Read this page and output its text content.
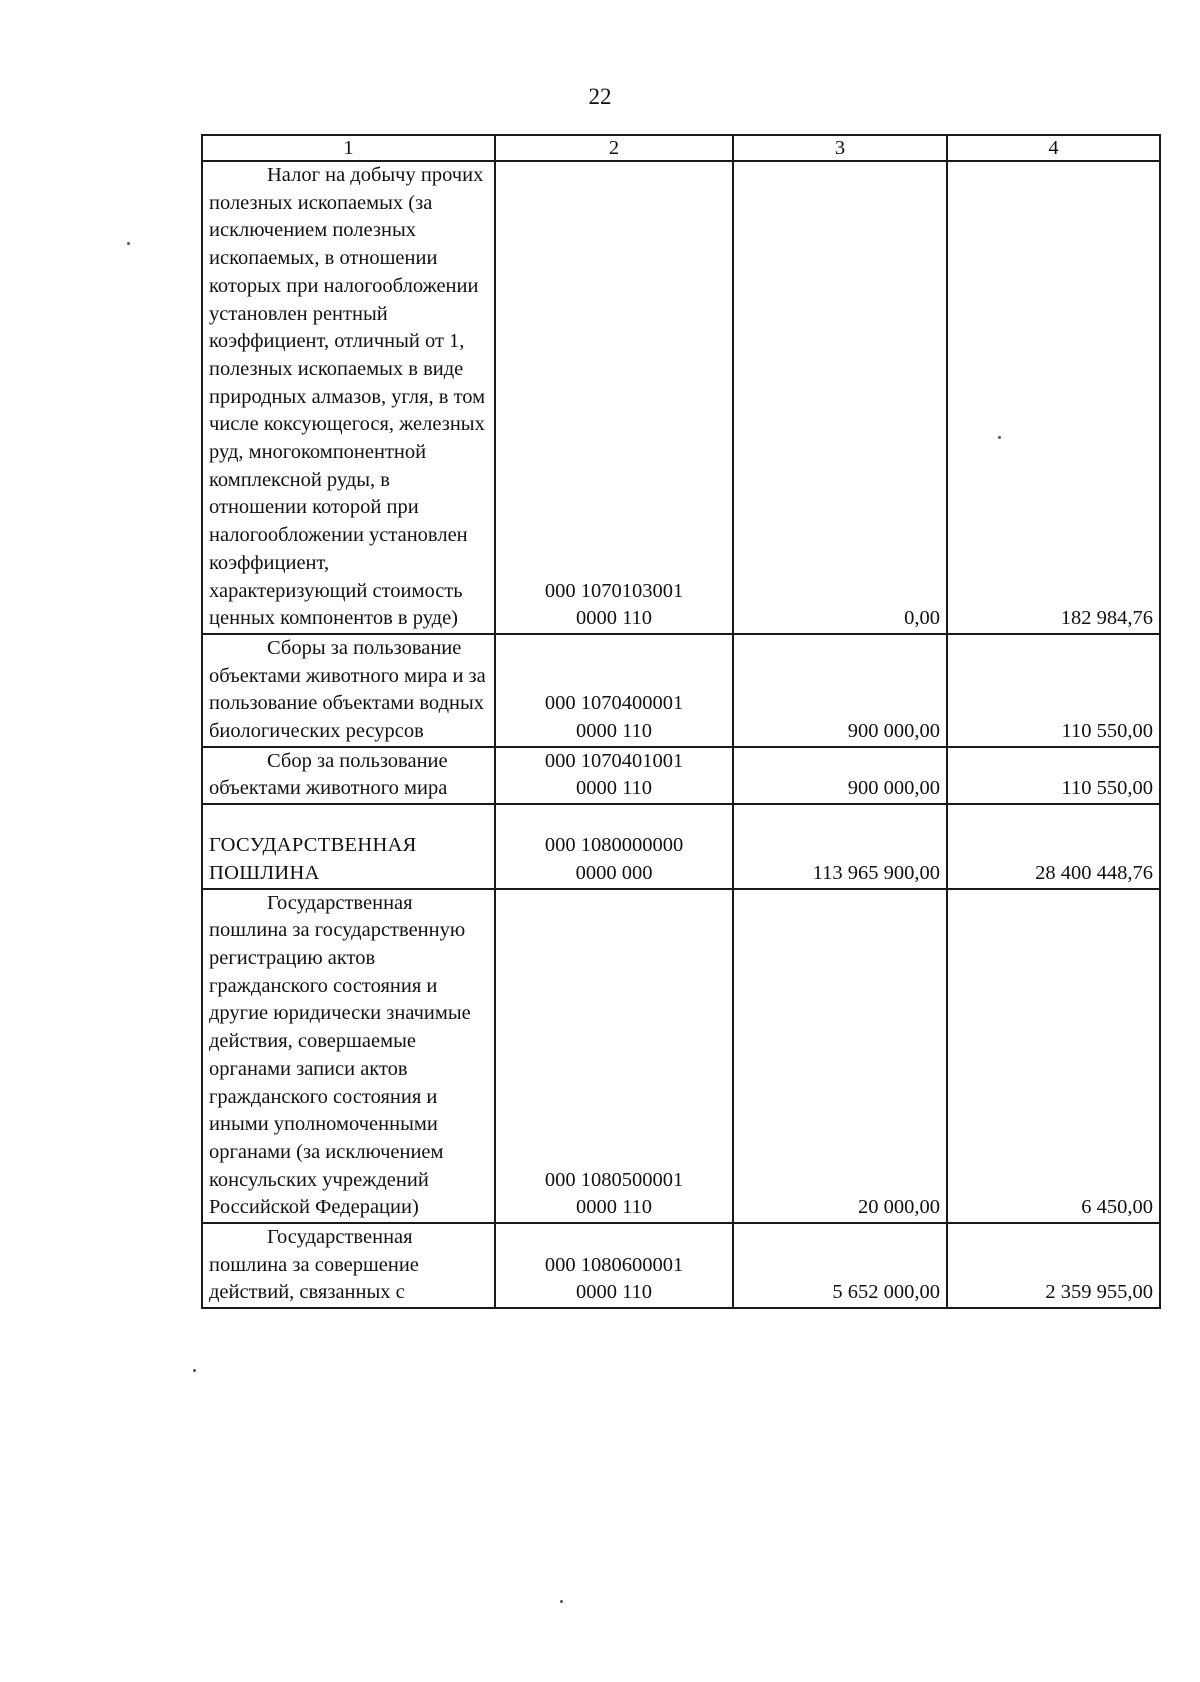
22
1	2	3	4
Налог на добычу прочих полезных ископаемых (за исключением полезных ископаемых, в отношении которых при налогообложении установлен рентный коэффициент, отличный от 1, полезных ископаемых в виде природных алмазов, угля, в том числе коксующегося, железных руд, многокомпонентной комплексной руды, в отношении которой при налогообложении установлен коэффициент, характеризующий стоимость ценных компонентов в руде)	000 1070103001
0000 110	0,00	182 984,76
Сборы за пользование объектами животного мира и за пользование объектами водных биологических ресурсов	000 1070400001
0000 110	900 000,00	110 550,00
Сбор за пользование объектами животного мира	000 1070401001
0000 110	900 000,00	110 550,00
ГОСУДАРСТВЕННАЯ ПОШЛИНА	000 1080000000
0000 000	113 965 900,00	28 400 448,76
Государственная пошлина за государственную регистрацию актов гражданского состояния и другие юридически значимые действия, совершаемые органами записи актов гражданского состояния и иными уполномоченными органами (за исключением консульских учреждений Российской Федерации)	000 1080500001
0000 110	20 000,00	6 450,00
Государственная пошлина за совершение действий, связанных с	000 1080600001
0000 110	5 652 000,00	2 359 955,00
